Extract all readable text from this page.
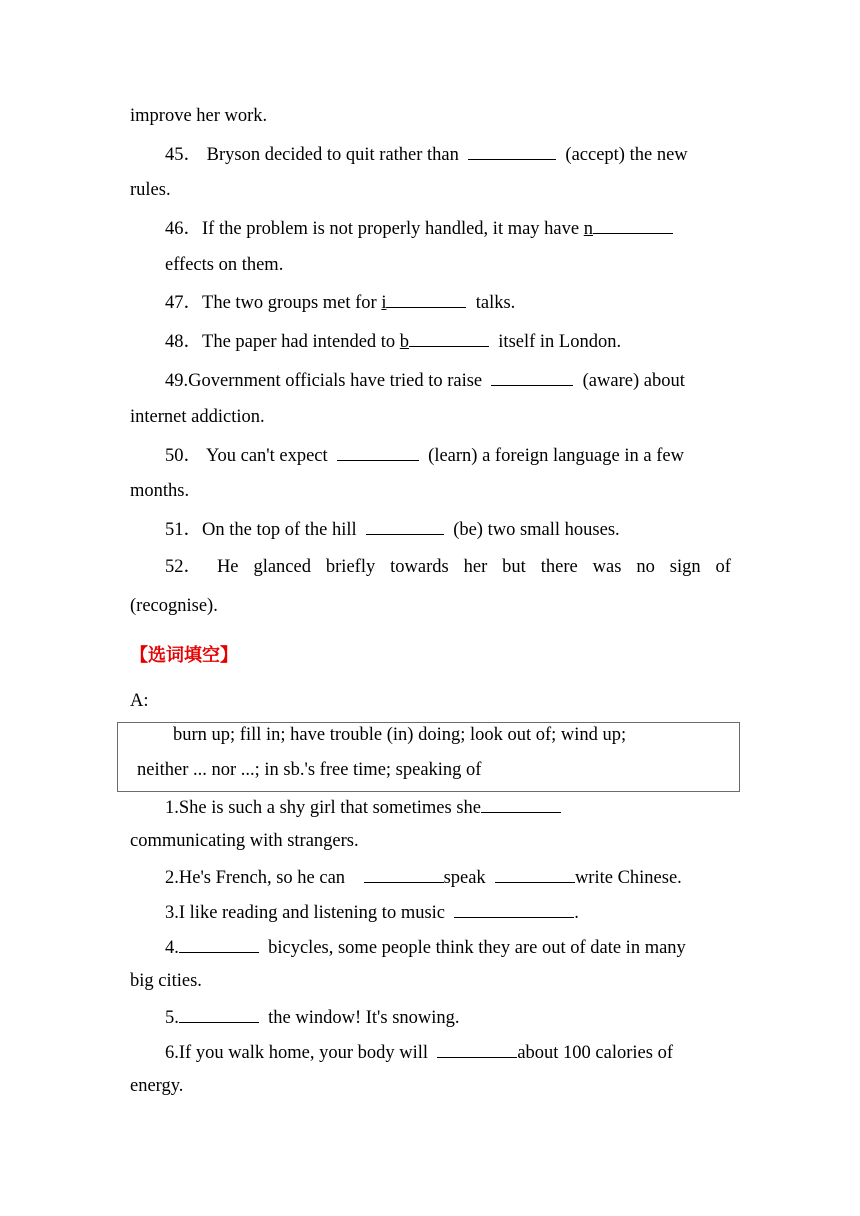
improve her work.
45． Bryson decided to quit rather than	(accept) the new
rules.
46．If the problem is not properly handled, it may have n
effects on them.
47．The two groups met for i	talks.
48．The paper had intended to b	itself in London.
49.Government officials have tried to raise	(aware) about
internet addiction.
50． You can't expect	(learn) a foreign language in a few
months.
51．On the top of the hill	(be) two small houses.
52． He glanced briefly towards her but there was no sign of
(recognise).
【选词填空】
A:
burn up; fill in; have trouble (in) doing; look out of; wind up;
neither ... nor ...; in sb.'s free time; speaking of
1.She is such a shy girl that sometimes she
communicating with strangers.
2.He's French, so he can	speak	write Chinese.
3.I like reading and listening to music	.
4.	bicycles, some people think they are out of date in many
big cities.
5.	the window! It's snowing.
6.If you walk home, your body will	about 100 calories of
energy.
